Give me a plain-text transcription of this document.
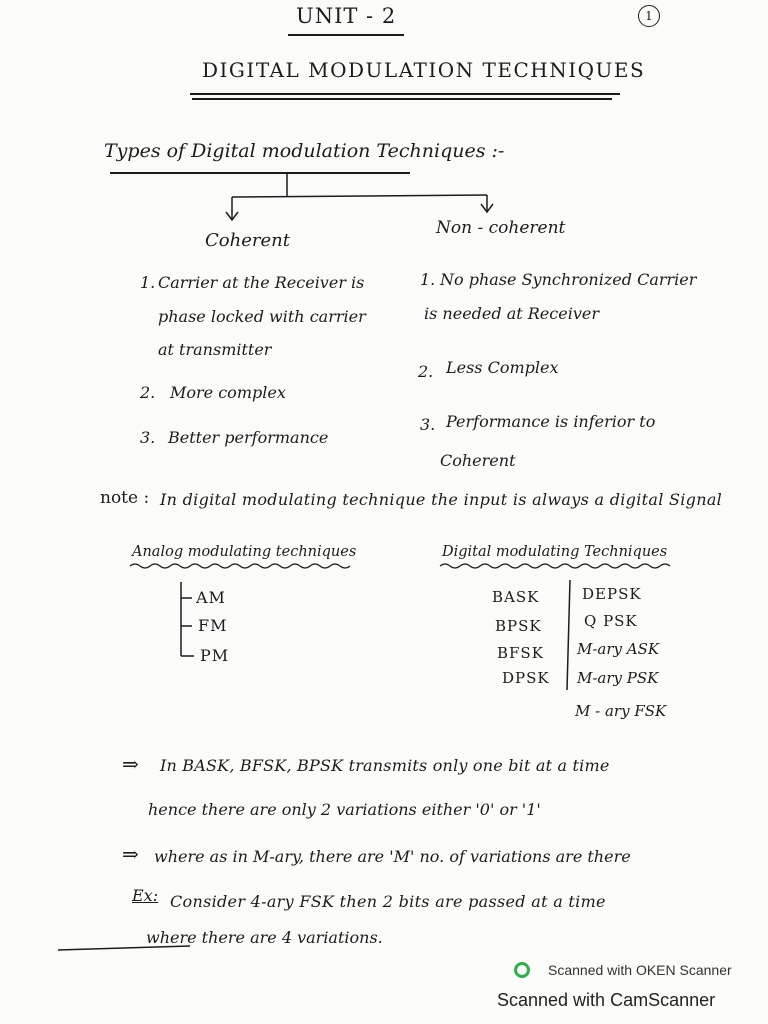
UNIT - 2	1
DIGITAL MODULATION TECHNIQUES
Types of Digital modulation Techniques :-
Coherent
1. Carrier at the Receiver is
phase locked with carrier
at transmitter
2. More complex
3. Better performance
Non - coherent
1. No phase Synchronized Carrier
is needed at Receiver
2. Less Complex
3. Performance is inferior to
Coherent
note : In digital modulating technique the input is always a digital Signal
Analog modulating techniques
AM
FM
PM
Digital modulating Techniques
BASK
BPSK
BFSK
DPSK
DEPSK
Q PSK
M-ary ASK
M-ary PSK
M - ary FSK
⇒ In BASK, BFSK, BPSK transmits only one bit at a time
hence there are only 2 variations either '0' or '1'
⇒ where as in M-ary, there are 'M' no. of variations are there
Ex: Consider 4-ary FSK then 2 bits are passed at a time
where there are 4 variations.
Scanned with OKEN Scanner
Scanned with CamScanner
